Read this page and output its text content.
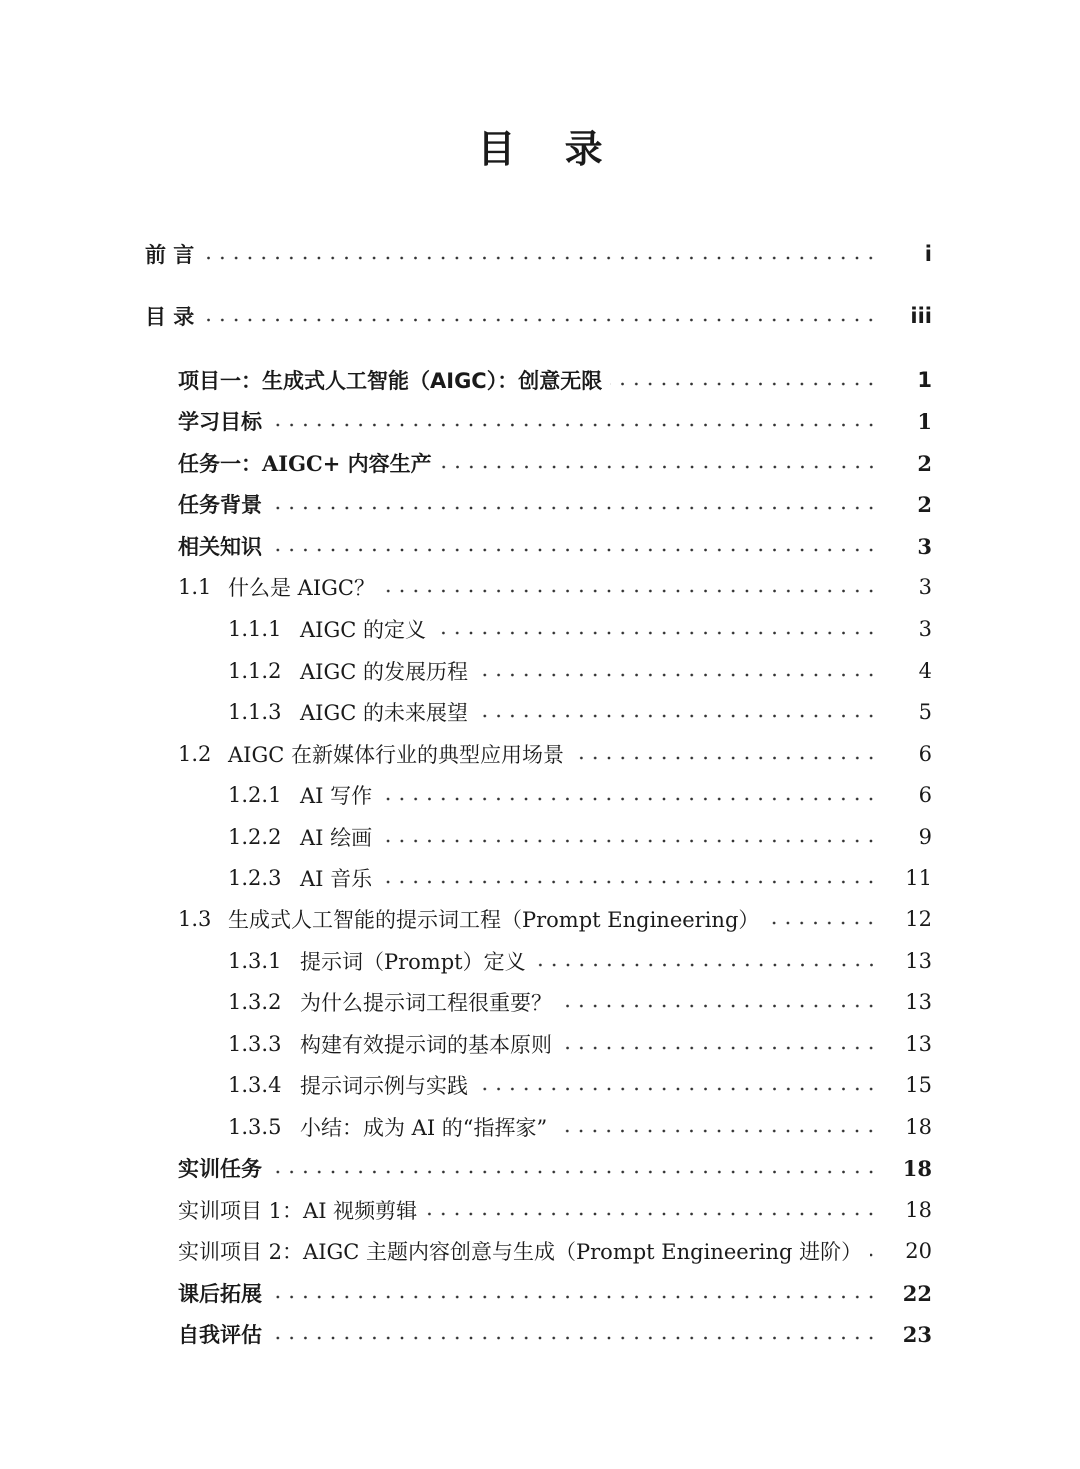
目 录
前 言	i
目 录	iii
项目一：生成式人工智能（AIGC）：创意无限	1
学习目标	1
任务一：AIGC+ 内容生产	2
任务背景	2
相关知识	3
1.1 什么是 AIGC？	3
1.1.1 AIGC 的定义	3
1.1.2 AIGC 的发展历程	4
1.1.3 AIGC 的未来展望	5
1.2 AIGC 在新媒体行业的典型应用场景	6
1.2.1 AI 写作	6
1.2.2 AI 绘画	9
1.2.3 AI 音乐	11
1.3 生成式人工智能的提示词工程（Prompt Engineering）	12
1.3.1 提示词（Prompt）定义	13
1.3.2 为什么提示词工程很重要？	13
1.3.3 构建有效提示词的基本原则	13
1.3.4 提示词示例与实践	15
1.3.5 小结：成为 AI 的“指挥家”	18
实训任务	18
实训项目 1：AI 视频剪辑	18
实训项目 2：AIGC 主题内容创意与生成（Prompt Engineering 进阶）	20
课后拓展	22
自我评估	23
